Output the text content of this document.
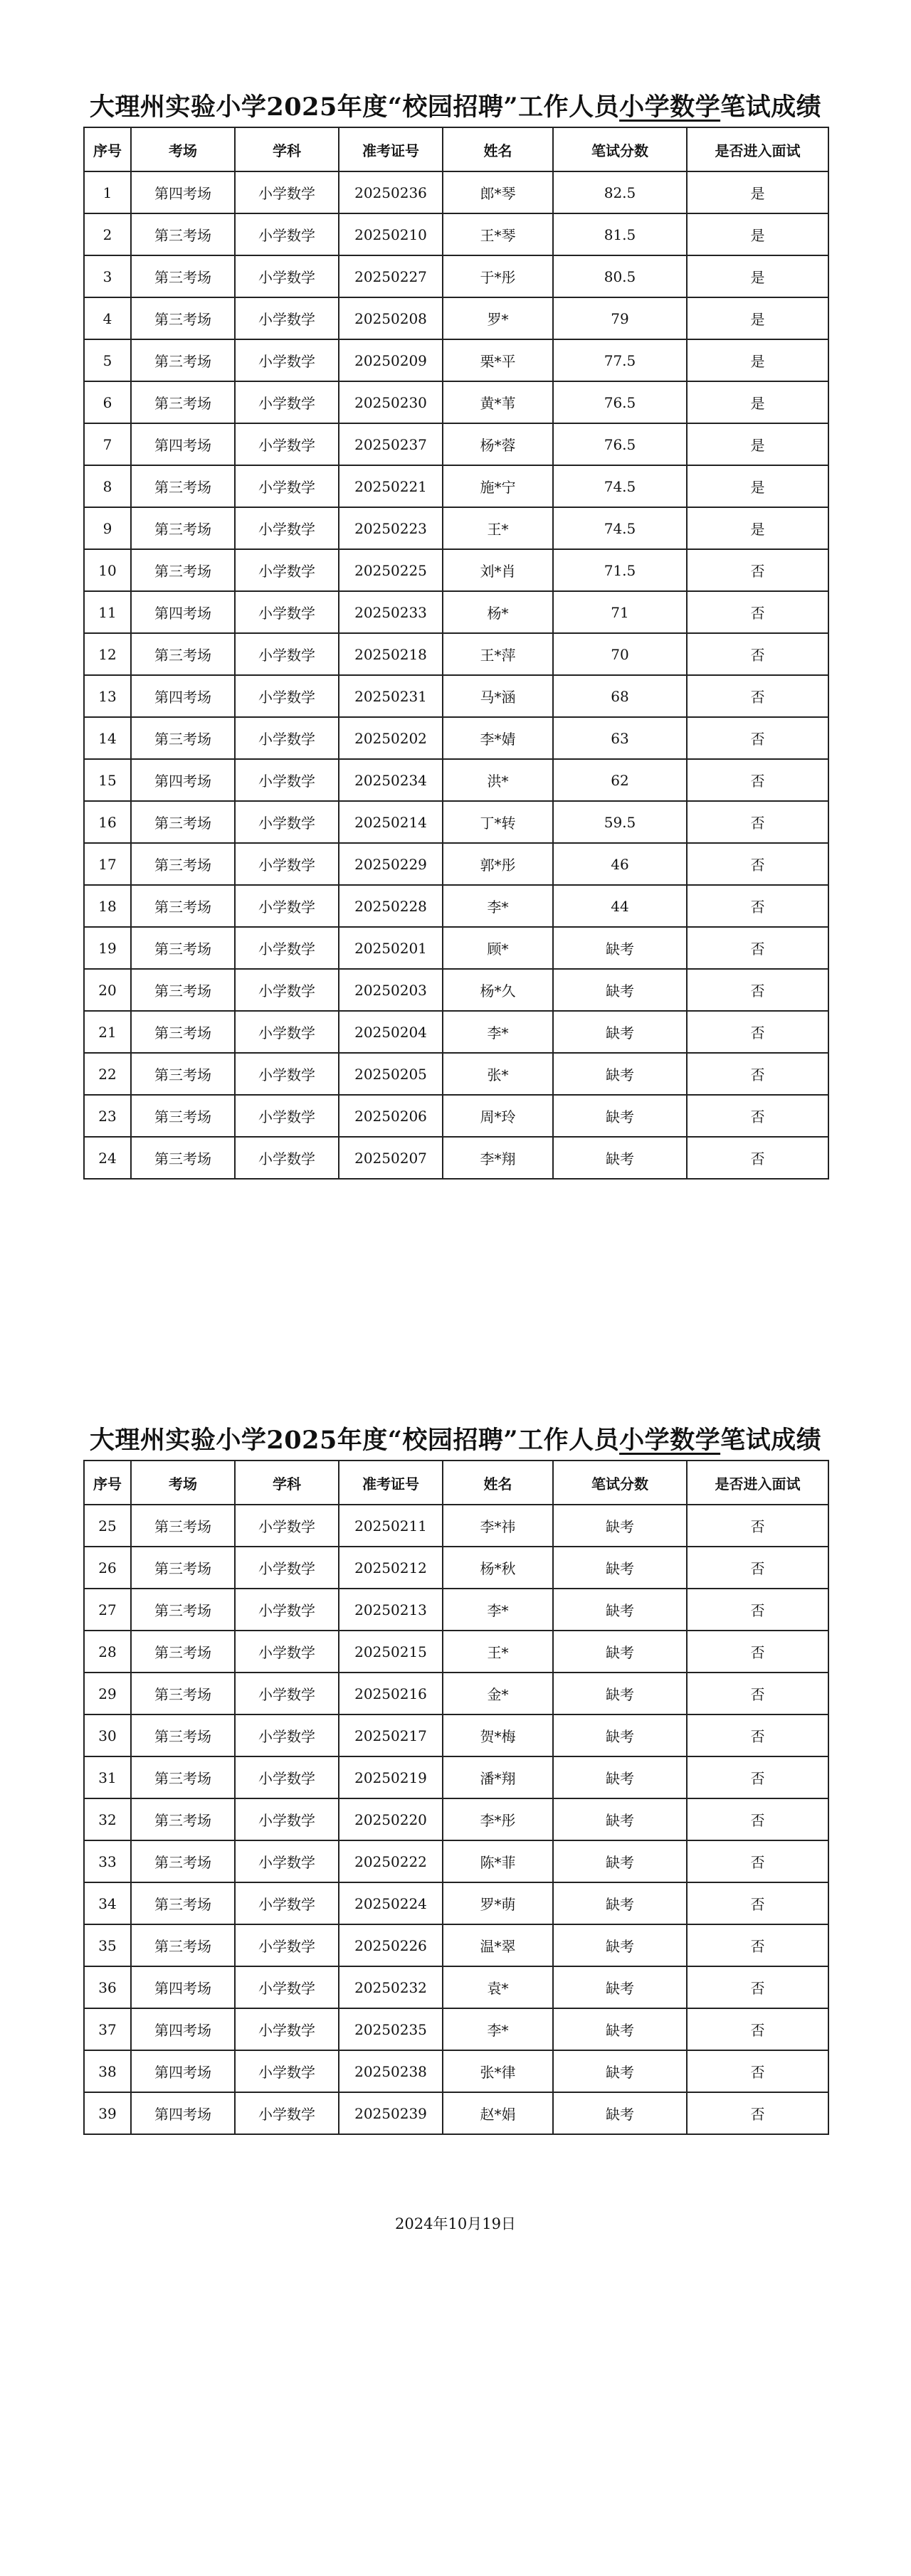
大理州实验小学2025年度“校园招聘”工作人员 小学数学 笔试成绩
序号	考场	学科	准考证号	姓名	笔试分数	是否进入面试
1	第四考场	小学数学	20250236	郎*琴	82.5	是
2	第三考场	小学数学	20250210	王*琴	81.5	是
3	第三考场	小学数学	20250227	于*彤	80.5	是
4	第三考场	小学数学	20250208	罗*	79	是
5	第三考场	小学数学	20250209	栗*平	77.5	是
6	第三考场	小学数学	20250230	黄*苇	76.5	是
7	第四考场	小学数学	20250237	杨*蓉	76.5	是
8	第三考场	小学数学	20250221	施*宁	74.5	是
9	第三考场	小学数学	20250223	王*	74.5	是
10	第三考场	小学数学	20250225	刘*肖	71.5	否
11	第四考场	小学数学	20250233	杨*	71	否
12	第三考场	小学数学	20250218	王*萍	70	否
13	第四考场	小学数学	20250231	马*涵	68	否
14	第三考场	小学数学	20250202	李*婧	63	否
15	第四考场	小学数学	20250234	洪*	62	否
16	第三考场	小学数学	20250214	丁*转	59.5	否
17	第三考场	小学数学	20250229	郭*彤	46	否
18	第三考场	小学数学	20250228	李*	44	否
19	第三考场	小学数学	20250201	顾*	缺考	否
20	第三考场	小学数学	20250203	杨*久	缺考	否
21	第三考场	小学数学	20250204	李*	缺考	否
22	第三考场	小学数学	20250205	张*	缺考	否
23	第三考场	小学数学	20250206	周*玲	缺考	否
24	第三考场	小学数学	20250207	李*翔	缺考	否
大理州实验小学2025年度“校园招聘”工作人员 小学数学 笔试成绩
序号	考场	学科	准考证号	姓名	笔试分数	是否进入面试
25	第三考场	小学数学	20250211	李*祎	缺考	否
26	第三考场	小学数学	20250212	杨*秋	缺考	否
27	第三考场	小学数学	20250213	李*	缺考	否
28	第三考场	小学数学	20250215	王*	缺考	否
29	第三考场	小学数学	20250216	金*	缺考	否
30	第三考场	小学数学	20250217	贺*梅	缺考	否
31	第三考场	小学数学	20250219	潘*翔	缺考	否
32	第三考场	小学数学	20250220	李*彤	缺考	否
33	第三考场	小学数学	20250222	陈*菲	缺考	否
34	第三考场	小学数学	20250224	罗*萌	缺考	否
35	第三考场	小学数学	20250226	温*翠	缺考	否
36	第四考场	小学数学	20250232	袁*	缺考	否
37	第四考场	小学数学	20250235	李*	缺考	否
38	第四考场	小学数学	20250238	张*律	缺考	否
39	第四考场	小学数学	20250239	赵*娟	缺考	否
2024年10月19日
